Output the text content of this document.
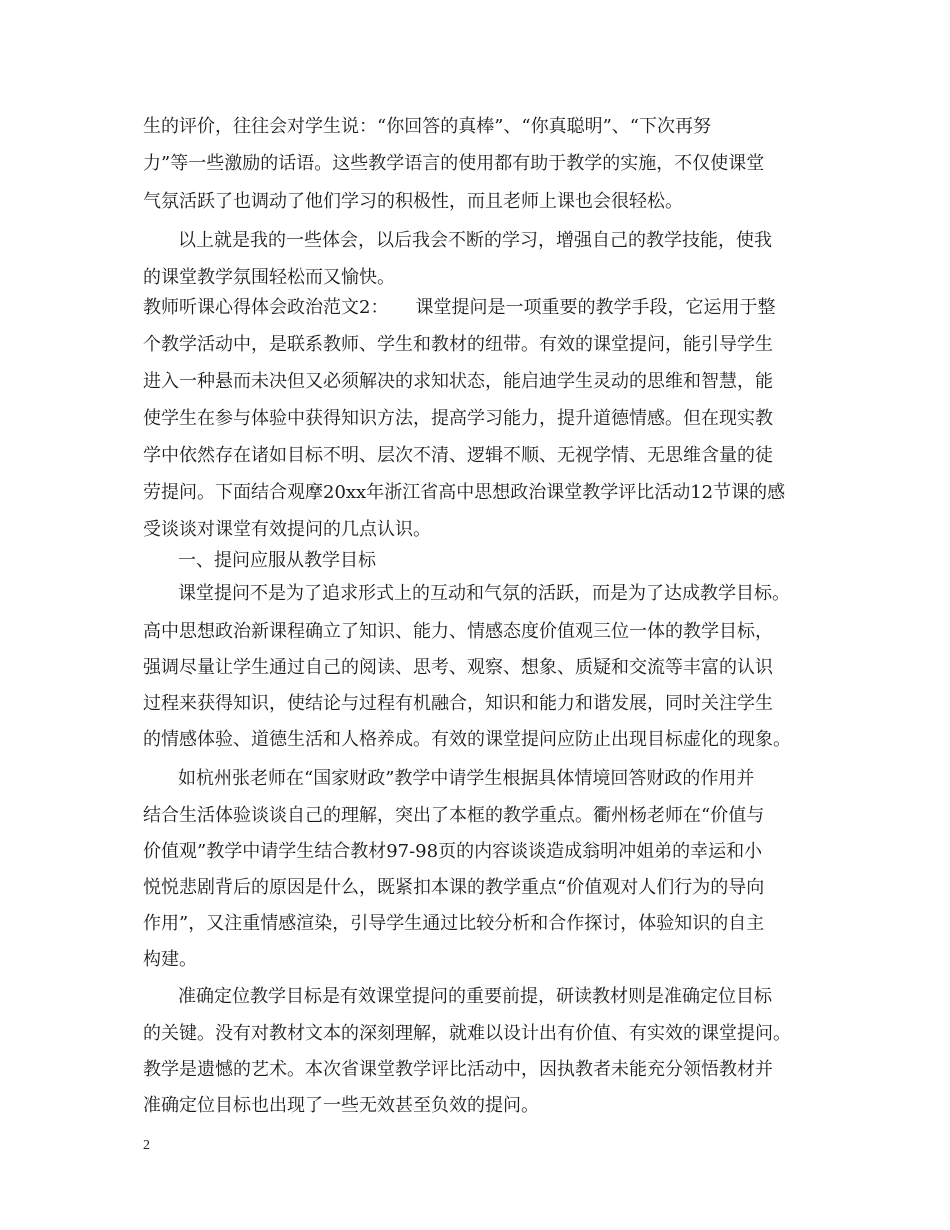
生的评价，往往会对学生说：“你回答的真棒”、“你真聪明”、“下次再努
力”等一些激励的话语。这些教学语言的使用都有助于教学的实施，不仅使课堂
气氛活跃了也调动了他们学习的积极性，而且老师上课也会很轻松。
以上就是我的一些体会，以后我会不断的学习，增强自己的教学技能，使我
的课堂教学氛围轻松而又愉快。
教师听课心得体会政治范文2：　　课堂提问是一项重要的教学手段，它运用于整
个教学活动中，是联系教师、学生和教材的纽带。有效的课堂提问，能引导学生
进入一种悬而未决但又必须解决的求知状态，能启迪学生灵动的思维和智慧，能
使学生在参与体验中获得知识方法，提高学习能力，提升道德情感。但在现实教
学中依然存在诸如目标不明、层次不清、逻辑不顺、无视学情、无思维含量的徒
劳提问。下面结合观摩20xx年浙江省高中思想政治课堂教学评比活动12节课的感
受谈谈对课堂有效提问的几点认识。
一、提问应服从教学目标
课堂提问不是为了追求形式上的互动和气氛的活跃，而是为了达成教学目标。
高中思想政治新课程确立了知识、能力、情感态度价值观三位一体的教学目标，
强调尽量让学生通过自己的阅读、思考、观察、想象、质疑和交流等丰富的认识
过程来获得知识，使结论与过程有机融合，知识和能力和谐发展，同时关注学生
的情感体验、道德生活和人格养成。有效的课堂提问应防止出现目标虚化的现象。
如杭州张老师在“国家财政”教学中请学生根据具体情境回答财政的作用并
结合生活体验谈谈自己的理解，突出了本框的教学重点。衢州杨老师在“价值与
价值观”教学中请学生结合教材97-98页的内容谈谈造成翁明冲姐弟的幸运和小
悦悦悲剧背后的原因是什么，既紧扣本课的教学重点“价值观对人们行为的导向
作用”，又注重情感渲染，引导学生通过比较分析和合作探讨，体验知识的自主
构建。
准确定位教学目标是有效课堂提问的重要前提，研读教材则是准确定位目标
的关键。没有对教材文本的深刻理解，就难以设计出有价值、有实效的课堂提问。
教学是遗憾的艺术。本次省课堂教学评比活动中，因执教者未能充分领悟教材并
准确定位目标也出现了一些无效甚至负效的提问。
2
